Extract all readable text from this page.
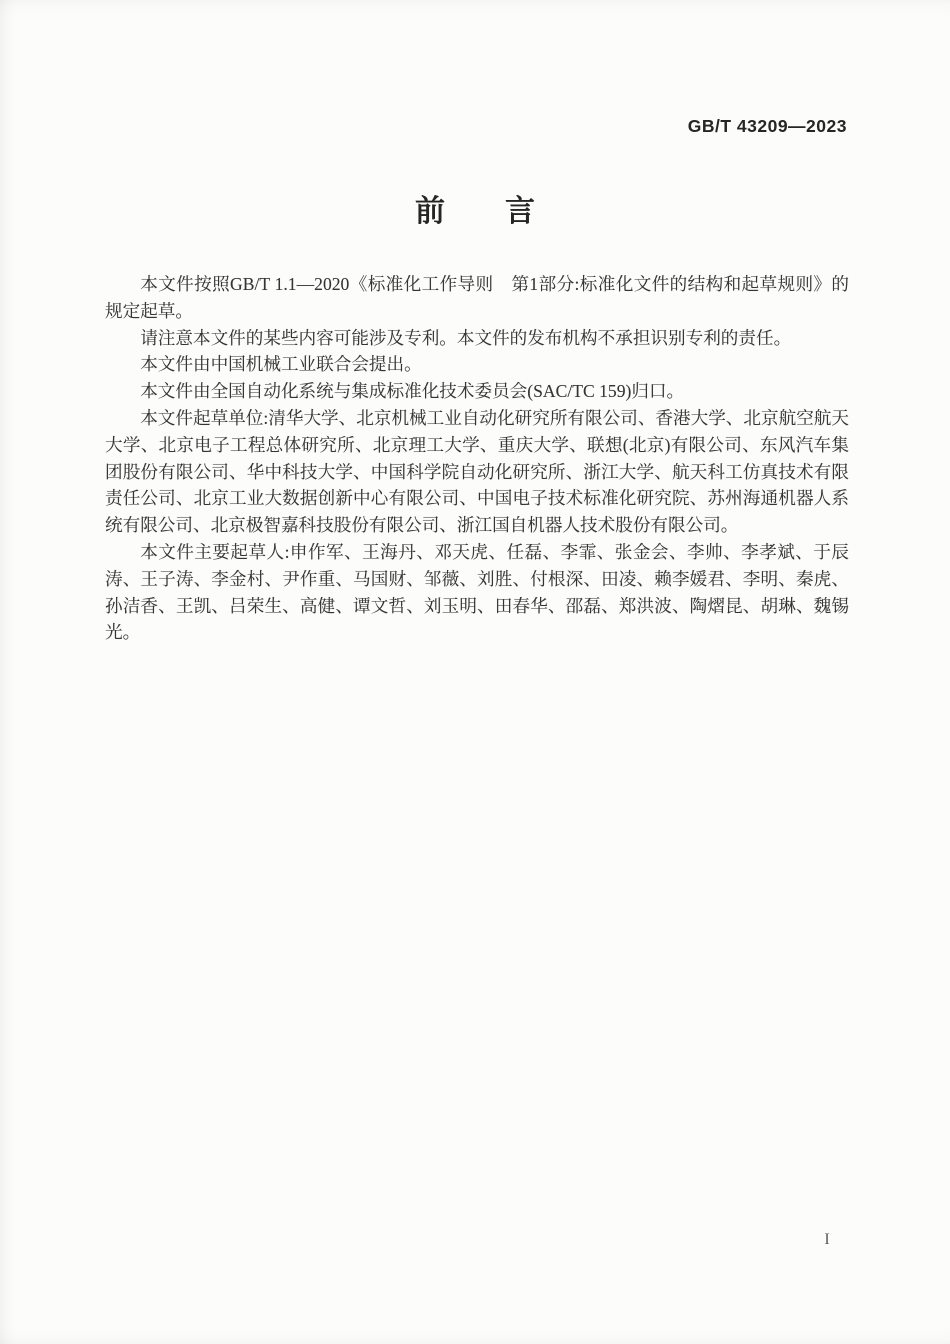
GB/T 43209—2023
前　　言

本文件按照GB/T 1.1—2020《标准化工作导则　第1部分:标准化文件的结构和起草规则》的规定起草。

请注意本文件的某些内容可能涉及专利。本文件的发布机构不承担识别专利的责任。

本文件由中国机械工业联合会提出。

本文件由全国自动化系统与集成标准化技术委员会(SAC/TC 159)归口。

本文件起草单位:清华大学、北京机械工业自动化研究所有限公司、香港大学、北京航空航天大学、北京电子工程总体研究所、北京理工大学、重庆大学、联想(北京)有限公司、东风汽车集团股份有限公司、华中科技大学、中国科学院自动化研究所、浙江大学、航天科工仿真技术有限责任公司、北京工业大数据创新中心有限公司、中国电子技术标准化研究院、苏州海通机器人系统有限公司、北京极智嘉科技股份有限公司、浙江国自机器人技术股份有限公司。

本文件主要起草人:申作军、王海丹、邓天虎、任磊、李霏、张金会、李帅、李孝斌、于辰涛、王子涛、李金村、尹作重、马国财、邹薇、刘胜、付根深、田凌、赖李媛君、李明、秦虎、孙洁香、王凯、吕荣生、高健、谭文哲、刘玉明、田春华、邵磊、郑洪波、陶熠昆、胡琳、魏锡光。

I
